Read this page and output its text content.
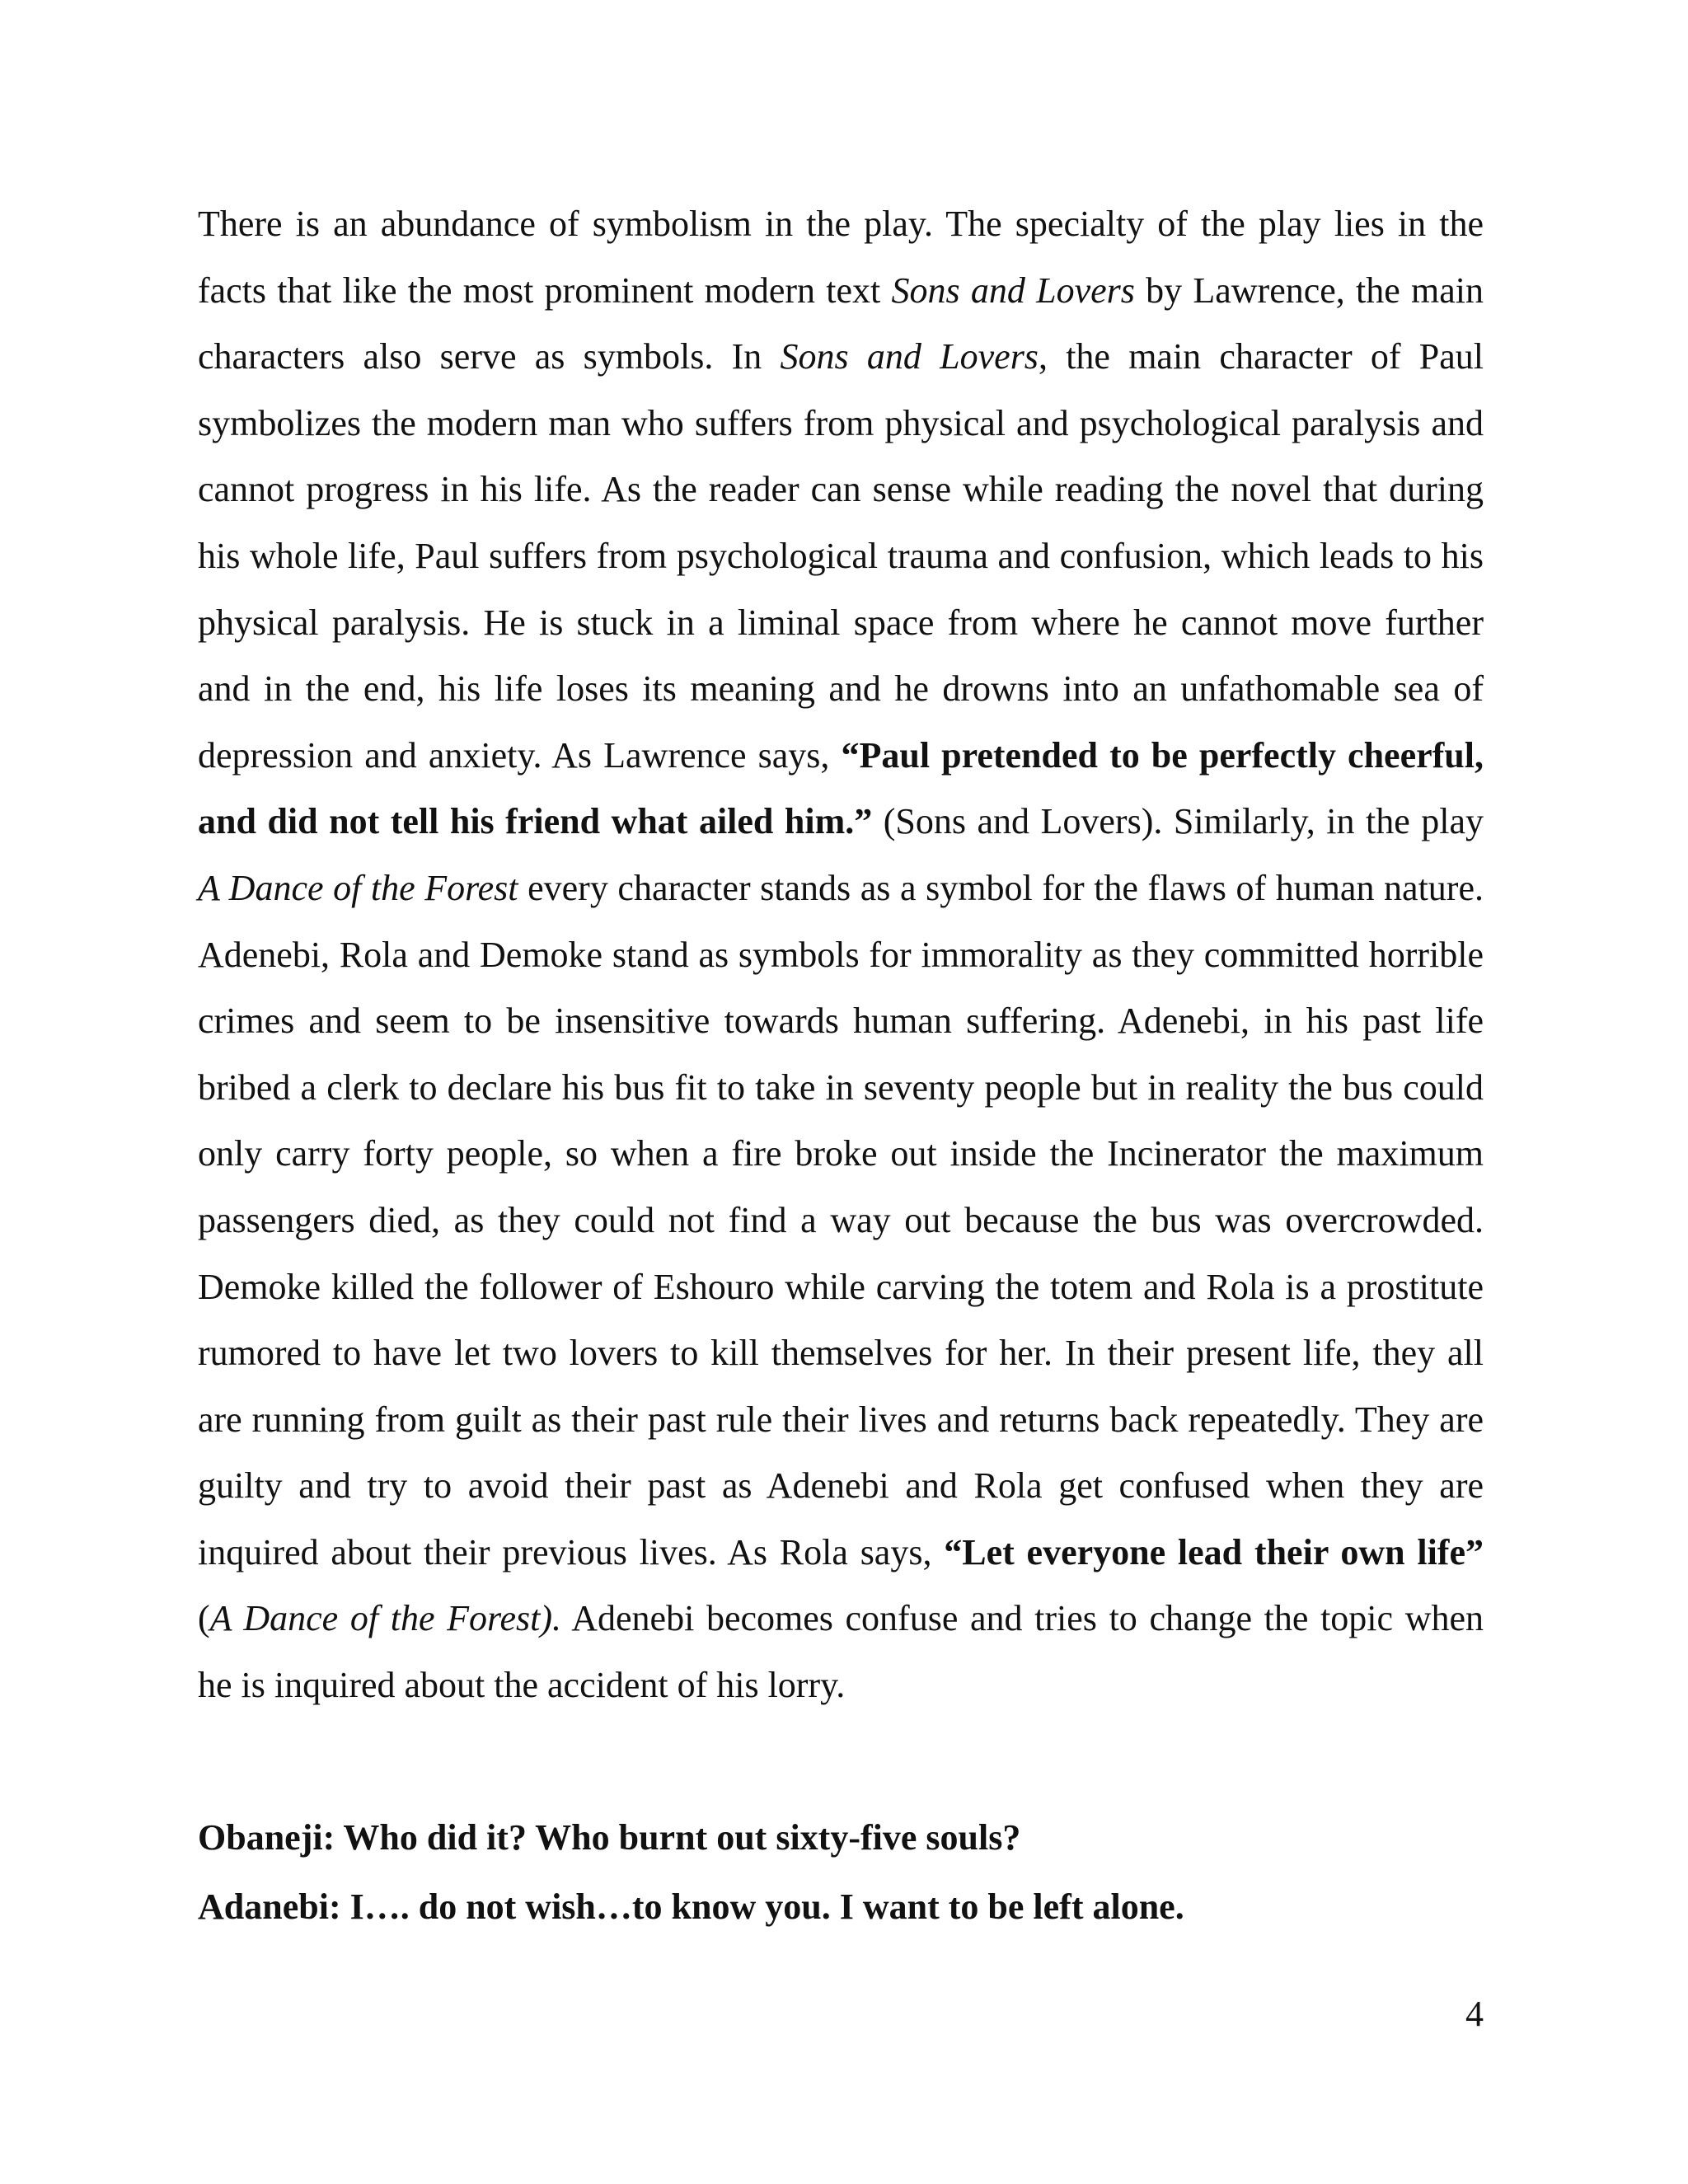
There is an abundance of symbolism in the play. The specialty of the play lies in the facts that like the most prominent modern text Sons and Lovers by Lawrence, the main characters also serve as symbols. In Sons and Lovers, the main character of Paul symbolizes the modern man who suffers from physical and psychological paralysis and cannot progress in his life. As the reader can sense while reading the novel that during his whole life, Paul suffers from psychological trauma and confusion, which leads to his physical paralysis. He is stuck in a liminal space from where he cannot move further and in the end, his life loses its meaning and he drowns into an unfathomable sea of depression and anxiety. As Lawrence says, “Paul pretended to be perfectly cheerful, and did not tell his friend what ailed him.” (Sons and Lovers). Similarly, in the play A Dance of the Forest every character stands as a symbol for the flaws of human nature. Adenebi, Rola and Demoke stand as symbols for immorality as they committed horrible crimes and seem to be insensitive towards human suffering. Adenebi, in his past life bribed a clerk to declare his bus fit to take in seventy people but in reality the bus could only carry forty people, so when a fire broke out inside the Incinerator the maximum passengers died, as they could not find a way out because the bus was overcrowded. Demoke killed the follower of Eshouro while carving the totem and Rola is a prostitute rumored to have let two lovers to kill themselves for her. In their present life, they all are running from guilt as their past rule their lives and returns back repeatedly. They are guilty and try to avoid their past as Adenebi and Rola get confused when they are inquired about their previous lives. As Rola says, “Let everyone lead their own life” (A Dance of the Forest). Adenebi becomes confuse and tries to change the topic when he is inquired about the accident of his lorry.

Obaneji: Who did it? Who burnt out sixty-five souls?

Adanebi: I…. do not wish…to know you. I want to be left alone.

4
